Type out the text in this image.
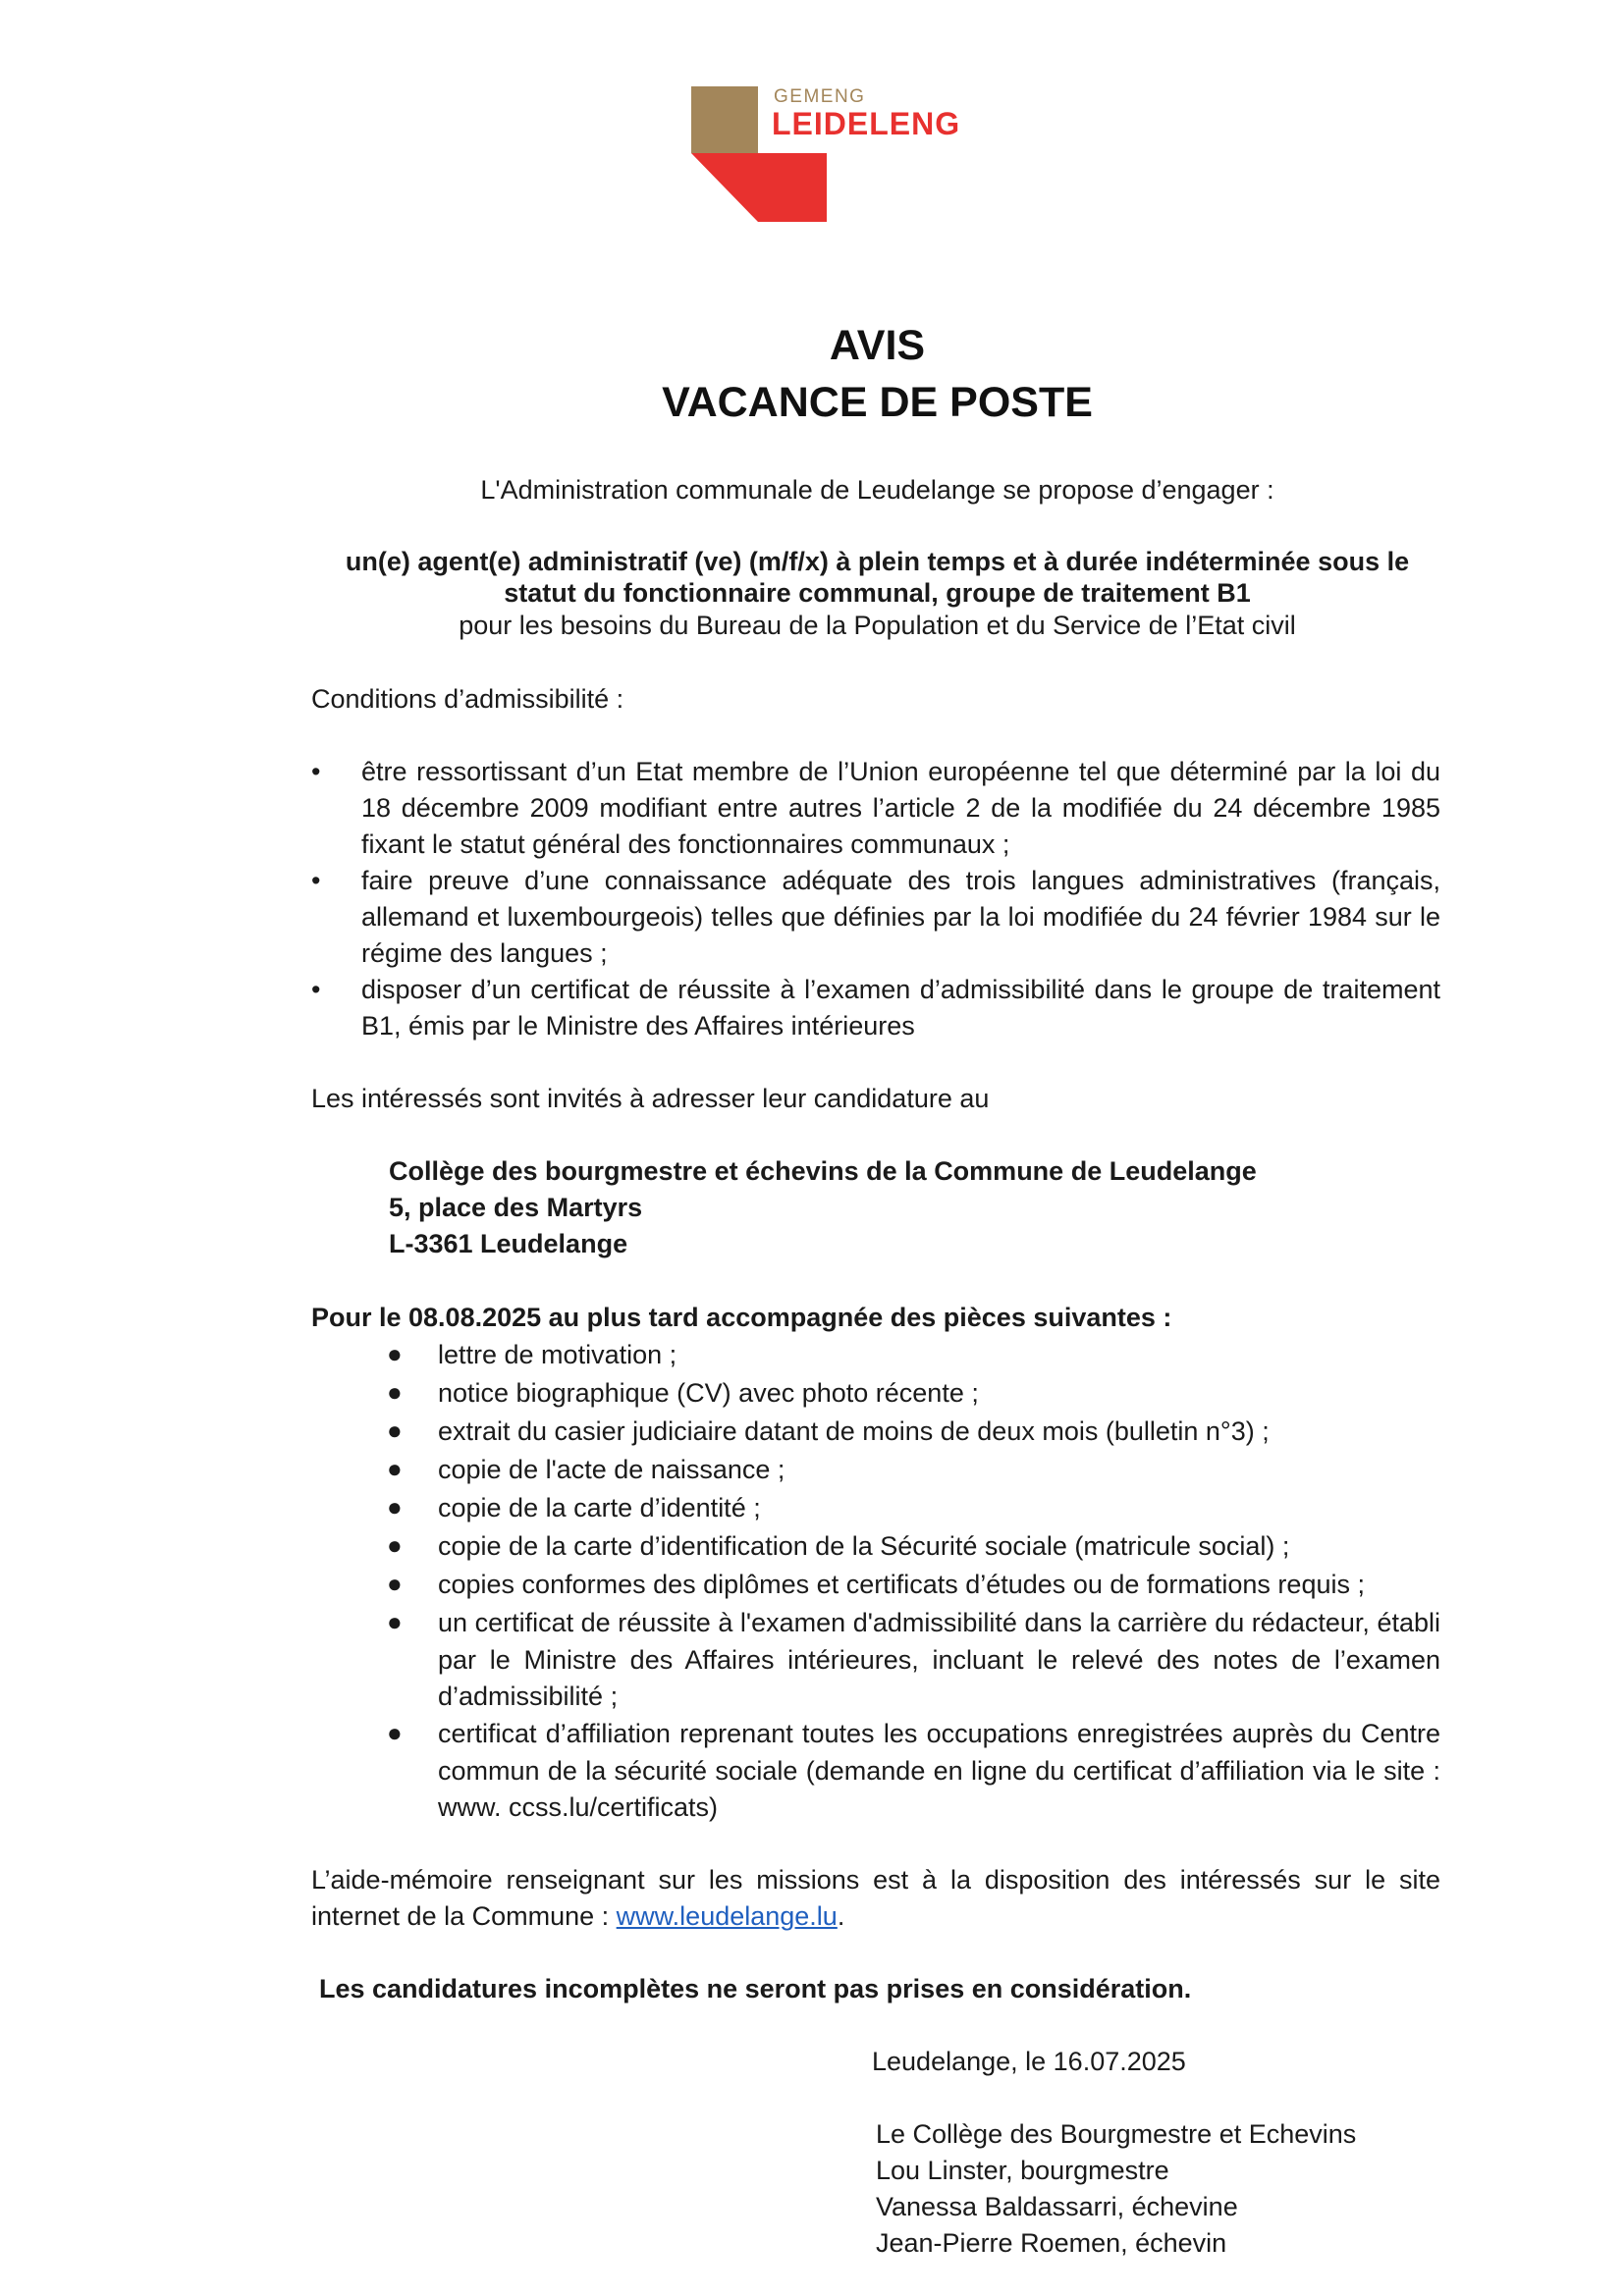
GEMENG
LEIDELENG
AVIS
VACANCE DE POSTE
L'Administration communale de Leudelange se propose d’engager :
un(e) agent(e) administratif (ve) (m/f/x) à plein temps et à durée indéterminée sous le
statut du fonctionnaire communal, groupe de traitement B1
pour les besoins du Bureau de la Population et du Service de l’Etat civil
Conditions d’admissibilité :
•	être ressortissant d’un Etat membre de l’Union européenne tel que déterminé par la loi du 18 décembre 2009 modifiant entre autres l’article 2 de la modifiée du 24 décembre 1985 fixant le statut général des fonctionnaires communaux ;
•	faire preuve d’une connaissance adéquate des trois langues administratives (français, allemand et luxembourgeois) telles que définies par la loi modifiée du 24 février 1984 sur le régime des langues ;
•	disposer d’un certificat de réussite à l’examen d’admissibilité dans le groupe de traitement B1, émis par le Ministre des Affaires intérieures
Les intéressés sont invités à adresser leur candidature au
Collège des bourgmestre et échevins de la Commune de Leudelange
5, place des Martyrs
L-3361 Leudelange
Pour le 08.08.2025 au plus tard accompagnée des pièces suivantes :
● lettre de motivation ;
● notice biographique (CV) avec photo récente ;
● extrait du casier judiciaire datant de moins de deux mois (bulletin n°3) ;
● copie de l'acte de naissance ;
● copie de la carte d’identité ;
● copie de la carte d’identification de la Sécurité sociale (matricule social) ;
● copies conformes des diplômes et certificats d’études ou de formations requis ;
● un certificat de réussite à l'examen d'admissibilité dans la carrière du rédacteur, établi par le Ministre des Affaires intérieures, incluant le relevé des notes de l’examen d’admissibilité ;
● certificat d’affiliation reprenant toutes les occupations enregistrées auprès du Centre commun de la sécurité sociale (demande en ligne du certificat d’affiliation via le site : www. ccss.lu/certificats)
L’aide-mémoire renseignant sur les missions est à la disposition des intéressés sur le site internet de la Commune : www.leudelange.lu.
Les candidatures incomplètes ne seront pas prises en considération.
Leudelange, le 16.07.2025
Le Collège des Bourgmestre et Echevins
Lou Linster, bourgmestre
Vanessa Baldassarri, échevine
Jean-Pierre Roemen, échevin
